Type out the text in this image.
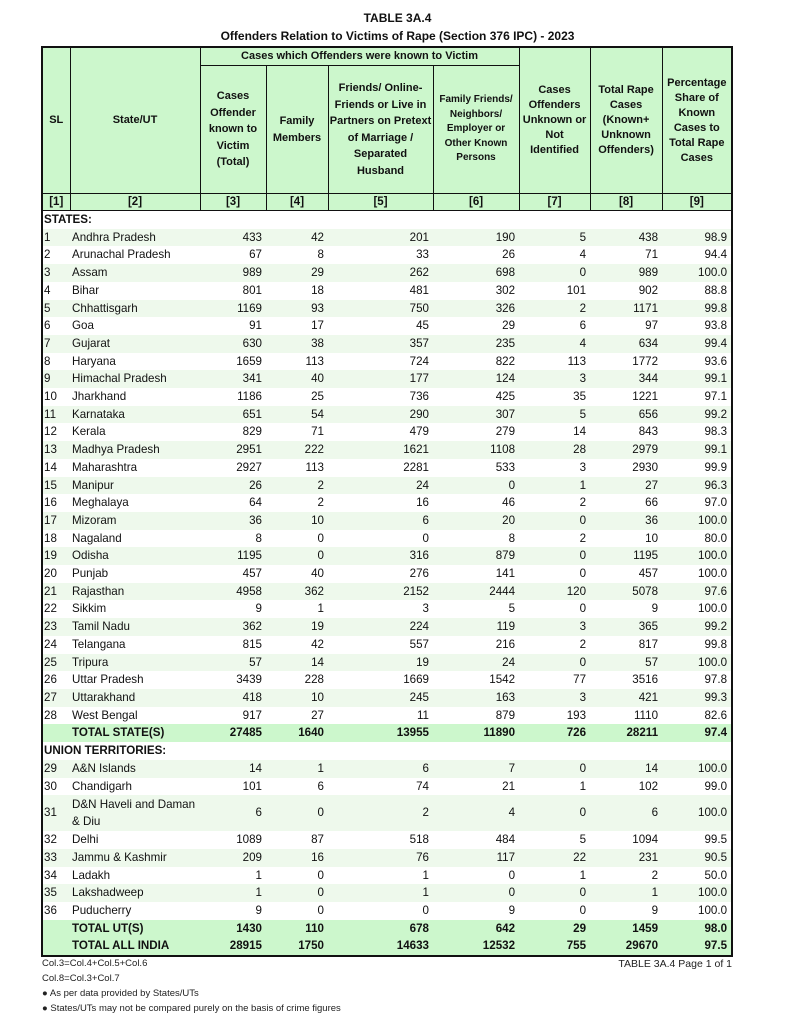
TABLE 3A.4
Offenders Relation to Victims of Rape (Section 376 IPC) - 2023
SL	State/UT	Cases which Offenders were known to Victim				Cases Offenders Unknown or Not Identified	Total Rape Cases (Known+ Unknown Offenders)	Percentage Share of Known Cases to Total Rape Cases
		Cases Offender known to Victim (Total)	Family Members	Friends/ Online-Friends or Live in Partners on Pretext of Marriage / Separated Husband	Family Friends/ Neighbors/ Employer or Other Known Persons			
[1]	[2]	[3]	[4]	[5]	[6]	[7]	[8]	[9]
STATES:								
1	Andhra Pradesh	433	42	201	190	5	438	98.9
2	Arunachal Pradesh	67	8	33	26	4	71	94.4
3	Assam	989	29	262	698	0	989	100.0
4	Bihar	801	18	481	302	101	902	88.8
5	Chhattisgarh	1169	93	750	326	2	1171	99.8
6	Goa	91	17	45	29	6	97	93.8
7	Gujarat	630	38	357	235	4	634	99.4
8	Haryana	1659	113	724	822	113	1772	93.6
9	Himachal Pradesh	341	40	177	124	3	344	99.1
10	Jharkhand	1186	25	736	425	35	1221	97.1
11	Karnataka	651	54	290	307	5	656	99.2
12	Kerala	829	71	479	279	14	843	98.3
13	Madhya Pradesh	2951	222	1621	1108	28	2979	99.1
14	Maharashtra	2927	113	2281	533	3	2930	99.9
15	Manipur	26	2	24	0	1	27	96.3
16	Meghalaya	64	2	16	46	2	66	97.0
17	Mizoram	36	10	6	20	0	36	100.0
18	Nagaland	8	0	0	8	2	10	80.0
19	Odisha	1195	0	316	879	0	1195	100.0
20	Punjab	457	40	276	141	0	457	100.0
21	Rajasthan	4958	362	2152	2444	120	5078	97.6
22	Sikkim	9	1	3	5	0	9	100.0
23	Tamil Nadu	362	19	224	119	3	365	99.2
24	Telangana	815	42	557	216	2	817	99.8
25	Tripura	57	14	19	24	0	57	100.0
26	Uttar Pradesh	3439	228	1669	1542	77	3516	97.8
27	Uttarakhand	418	10	245	163	3	421	99.3
28	West Bengal	917	27	11	879	193	1110	82.6
	TOTAL STATE(S)	27485	1640	13955	11890	726	28211	97.4
UNION TERRITORIES:								
29	A&N Islands	14	1	6	7	0	14	100.0
30	Chandigarh	101	6	74	21	1	102	99.0
31	D&N Haveli and Daman & Diu	6	0	2	4	0	6	100.0
32	Delhi	1089	87	518	484	5	1094	99.5
33	Jammu & Kashmir	209	16	76	117	22	231	90.5
34	Ladakh	1	0	1	0	1	2	50.0
35	Lakshadweep	1	0	1	0	0	1	100.0
36	Puducherry	9	0	0	9	0	9	100.0
	TOTAL UT(S)	1430	110	678	642	29	1459	98.0
	TOTAL ALL INDIA	28915	1750	14633	12532	755	29670	97.5
Col.3=Col.4+Col.5+Col.6
Col.8=Col.3+Col.7
● As per data provided by States/UTs
● States/UTs may not be compared purely on the basis of crime figures
TABLE 3A.4 Page 1 of 1
